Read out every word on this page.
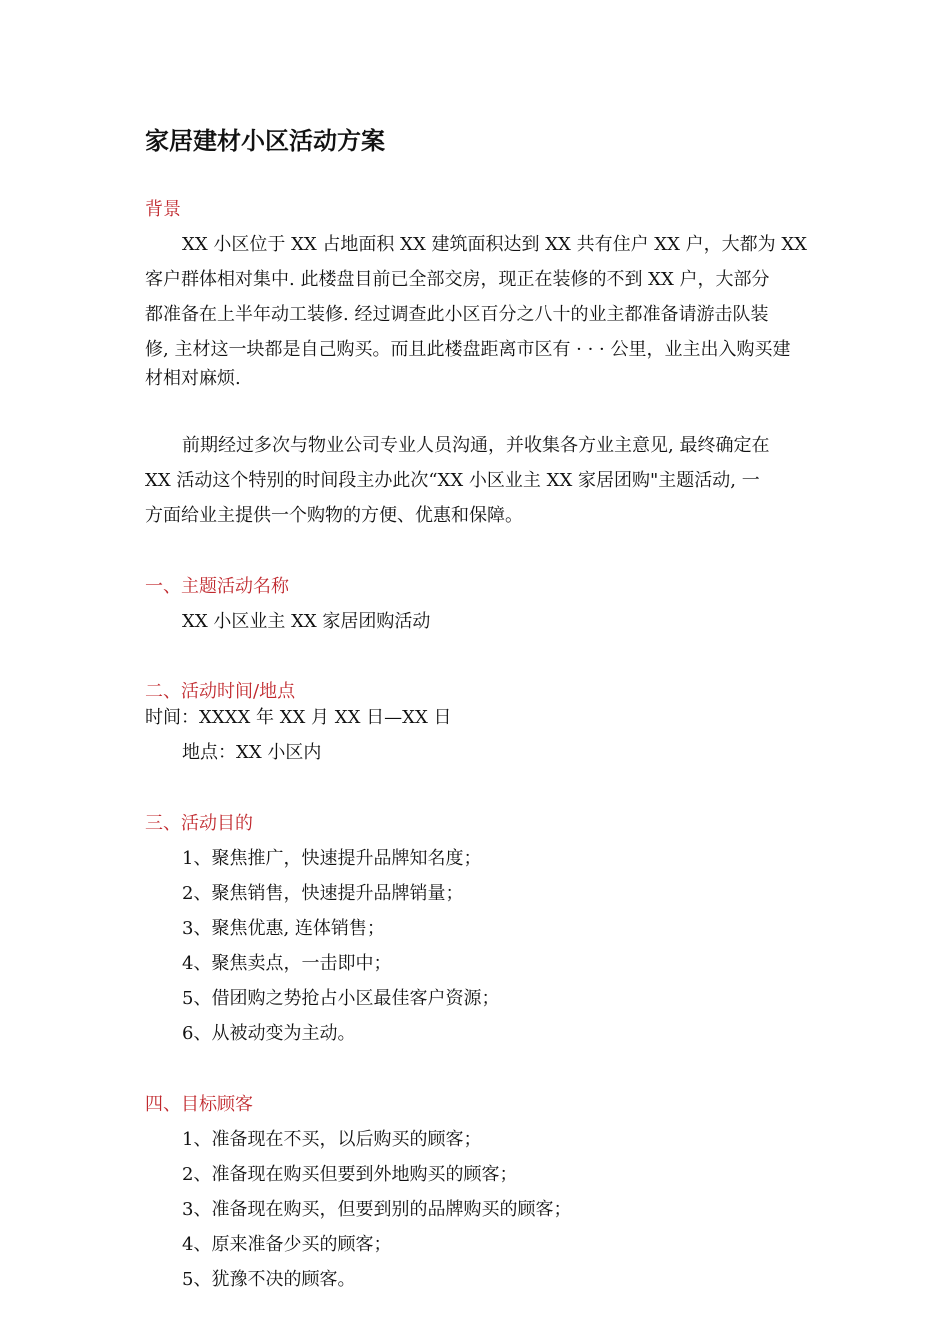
家居建材小区活动方案
背景
XX 小区位于 XX 占地面积 XX 建筑面积达到 XX 共有住户 XX 户，大都为 XX
客户群体相对集中. 此楼盘目前已全部交房，现正在装修的不到 XX 户，大部分
都准备在上半年动工装修. 经过调查此小区百分之八十的业主都准备请游击队装
修, 主材这一块都是自己购买。而且此楼盘距离市区有 · · · 公里，业主出入购买建
材相对麻烦.
前期经过多次与物业公司专业人员沟通，并收集各方业主意见, 最终确定在
XX 活动这个特别的时间段主办此次“XX 小区业主 XX 家居团购"主题活动, 一
方面给业主提供一个购物的方便、优惠和保障。
一、主题活动名称
XX 小区业主 XX 家居团购活动
二、活动时间/地点
时间：XXXX 年 XX 月 XX 日—XX 日
地点：XX 小区内
三、活动目的
1、聚焦推广，快速提升品牌知名度；
2、聚焦销售，快速提升品牌销量；
3、聚焦优惠, 连体销售；
4、聚焦卖点，一击即中；
5、借团购之势抢占小区最佳客户资源；
6、从被动变为主动。
四、目标顾客
1、准备现在不买，以后购买的顾客；
2、准备现在购买但要到外地购买的顾客；
3、准备现在购买，但要到别的品牌购买的顾客；
4、原来准备少买的顾客；
5、犹豫不决的顾客。
